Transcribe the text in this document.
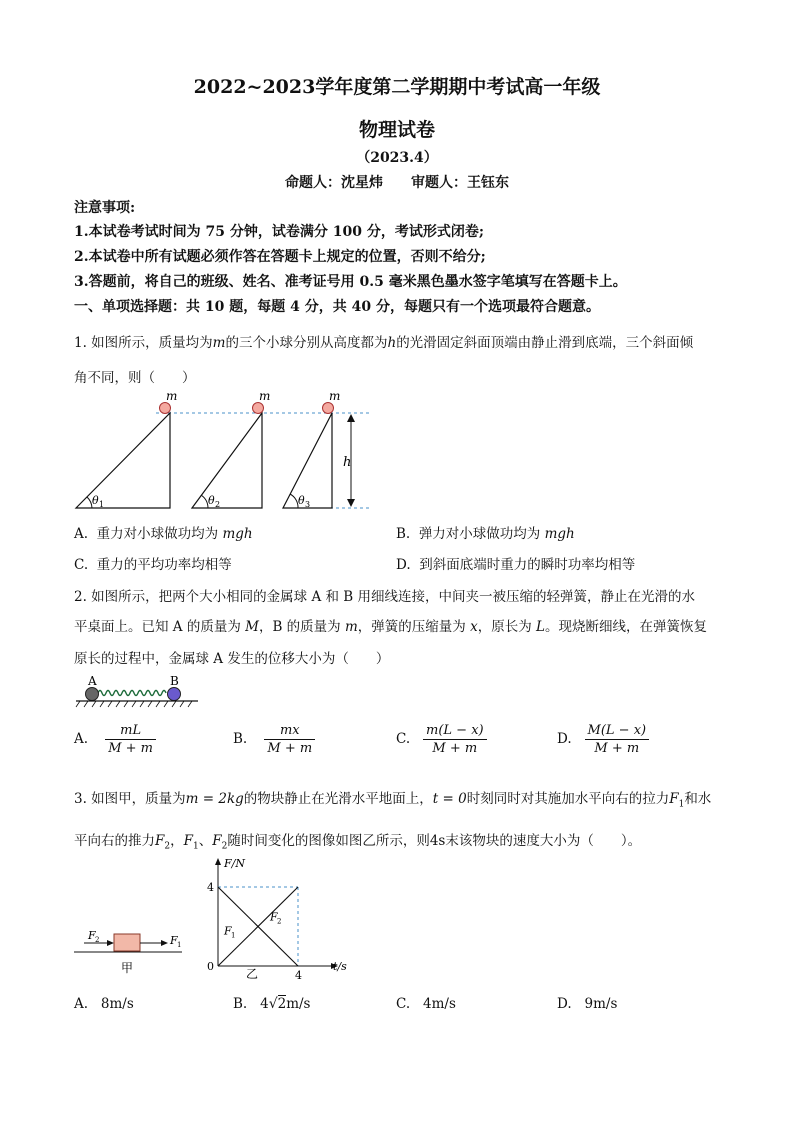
2022~2023学年度第二学期期中考试高一年级
物理试卷
（2023.4）
命题人：沈星炜　　审题人：王钰东
注意事项:
1.本试卷考试时间为 75 分钟，试卷满分 100 分，考试形式闭卷;
2.本试卷中所有试题必须作答在答题卡上规定的位置，否则不给分;
3.答题前，将自己的班级、姓名、准考证号用 0.5 毫米黑色墨水签字笔填写在答题卡上。
一、单项选择题：共 10 题，每题 4 分，共 40 分，每题只有一个选项最符合题意。
1. 如图所示，质量均为m的三个小球分别从高度都为h的光滑固定斜面顶端由静止滑到底端，三个斜面倾
角不同，则（　　）
m
θ 1
m
θ 2
m
θ 3
h
A. 重力对小球做功均为 mgh	B. 弹力对小球做功均为 mgh
C. 重力的平均功率均相等	D. 到斜面底端时重力的瞬时功率均相等
2. 如图所示，把两个大小相同的金属球 A 和 B 用细线连接，中间夹一被压缩的轻弹簧，静止在光滑的水
平桌面上。已知 A 的质量为 M，B 的质量为 m，弹簧的压缩量为 x，原长为 L。现烧断细线，在弹簧恢复
原长的过程中，金属球 A 发生的位移大小为（　　）
A	B
A. $\frac{mL}{M + m}$	B. $\frac{mx}{M + m}$	C. $\frac{m(L - x)}{M + m}$	D. $\frac{M(L - x)}{M + m}$
3. 如图甲，质量为m = 2kg的物块静止在光滑水平地面上，t = 0时刻同时对其施加水平向右的拉力$F_1$和水
平向右的推力$F_2$，$F_1$、$F_2$随时间变化的图像如图乙所示，则4s末该物块的速度大小为（　　）。
F 2	F 1
甲
F/N
t/s
乙
F 1
F 2
4
0
4
A. 8m/s	B. 4√2m/s	C. 4m/s	D. 9m/s
